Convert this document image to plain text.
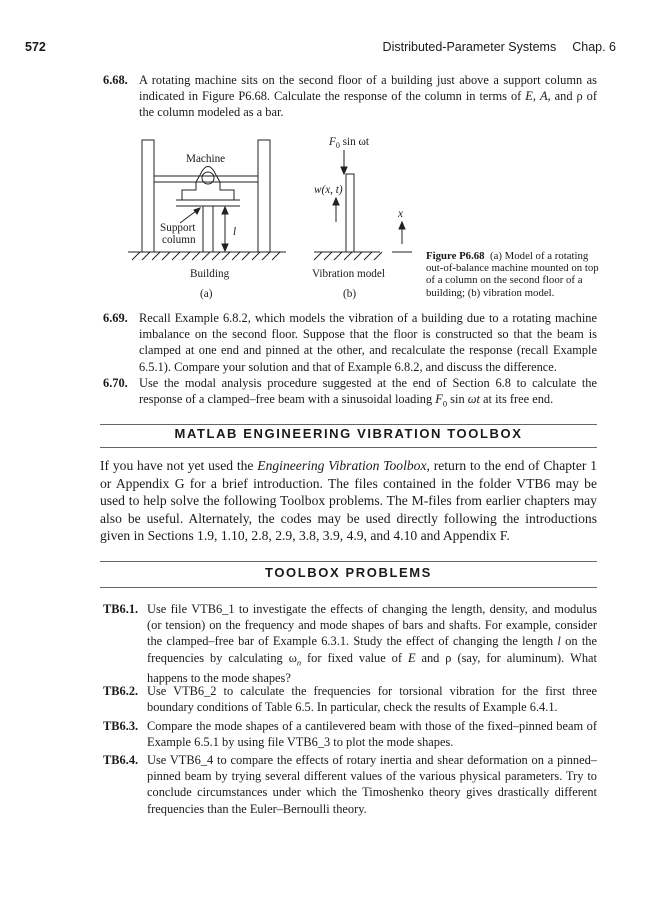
572	Distributed-Parameter Systems Chap. 6
6.68. A rotating machine sits on the second floor of a building just above a support column as indicated in Figure P6.68. Calculate the response of the column in terms of E, A, and ρ of the column modeled as a bar.
Machine
Support
column
l
Building
(a)
$F_0$ sin ωt
w(x, t)
x
Vibration model
(b)
Figure P6.68 (a) Model of a rotating out-of-balance machine mounted on top of a column on the second floor of a building; (b) vibration model.
6.69. Recall Example 6.8.2, which models the vibration of a building due to a rotating machine imbalance on the second floor. Suppose that the floor is constructed so that the beam is clamped at one end and pinned at the other, and recalculate the response (recall Example 6.5.1). Compare your solution and that of Example 6.8.2, and discuss the difference.
6.70. Use the modal analysis procedure suggested at the end of Section 6.8 to calculate the response of a clamped–free beam with a sinusoidal loading $F_0$ sin ωt at its free end.
MATLAB ENGINEERING VIBRATION TOOLBOX
If you have not yet used the Engineering Vibration Toolbox, return to the end of Chapter 1 or Appendix G for a brief introduction. The files contained in the folder VTB6 may be used to help solve the following Toolbox problems. The M-files from earlier chapters may also be useful. Alternately, the codes may be used directly following the introductions given in Sections 1.9, 1.10, 2.8, 2.9, 3.8, 3.9, 4.9, and 4.10 and Appendix F.
TOOLBOX PROBLEMS
TB6.1. Use file VTB6_1 to investigate the effects of changing the length, density, and modulus (or tension) on the frequency and mode shapes of bars and shafts. For example, consider the clamped–free bar of Example 6.3.1. Study the effect of changing the length l on the frequencies by calculating $\omega_n$ for fixed value of E and ρ (say, for aluminum). What happens to the mode shapes?
TB6.2. Use VTB6_2 to calculate the frequencies for torsional vibration for the first three boundary conditions of Table 6.5. In particular, check the results of Example 6.4.1.
TB6.3. Compare the mode shapes of a cantilevered beam with those of the fixed–pinned beam of Example 6.5.1 by using file VTB6_3 to plot the mode shapes.
TB6.4. Use VTB6_4 to compare the effects of rotary inertia and shear deformation on a pinned–pinned beam by trying several different values of the various physical parameters. Try to conclude circumstances under which the Timoshenko theory gives drastically different frequencies than the Euler–Bernoulli theory.
